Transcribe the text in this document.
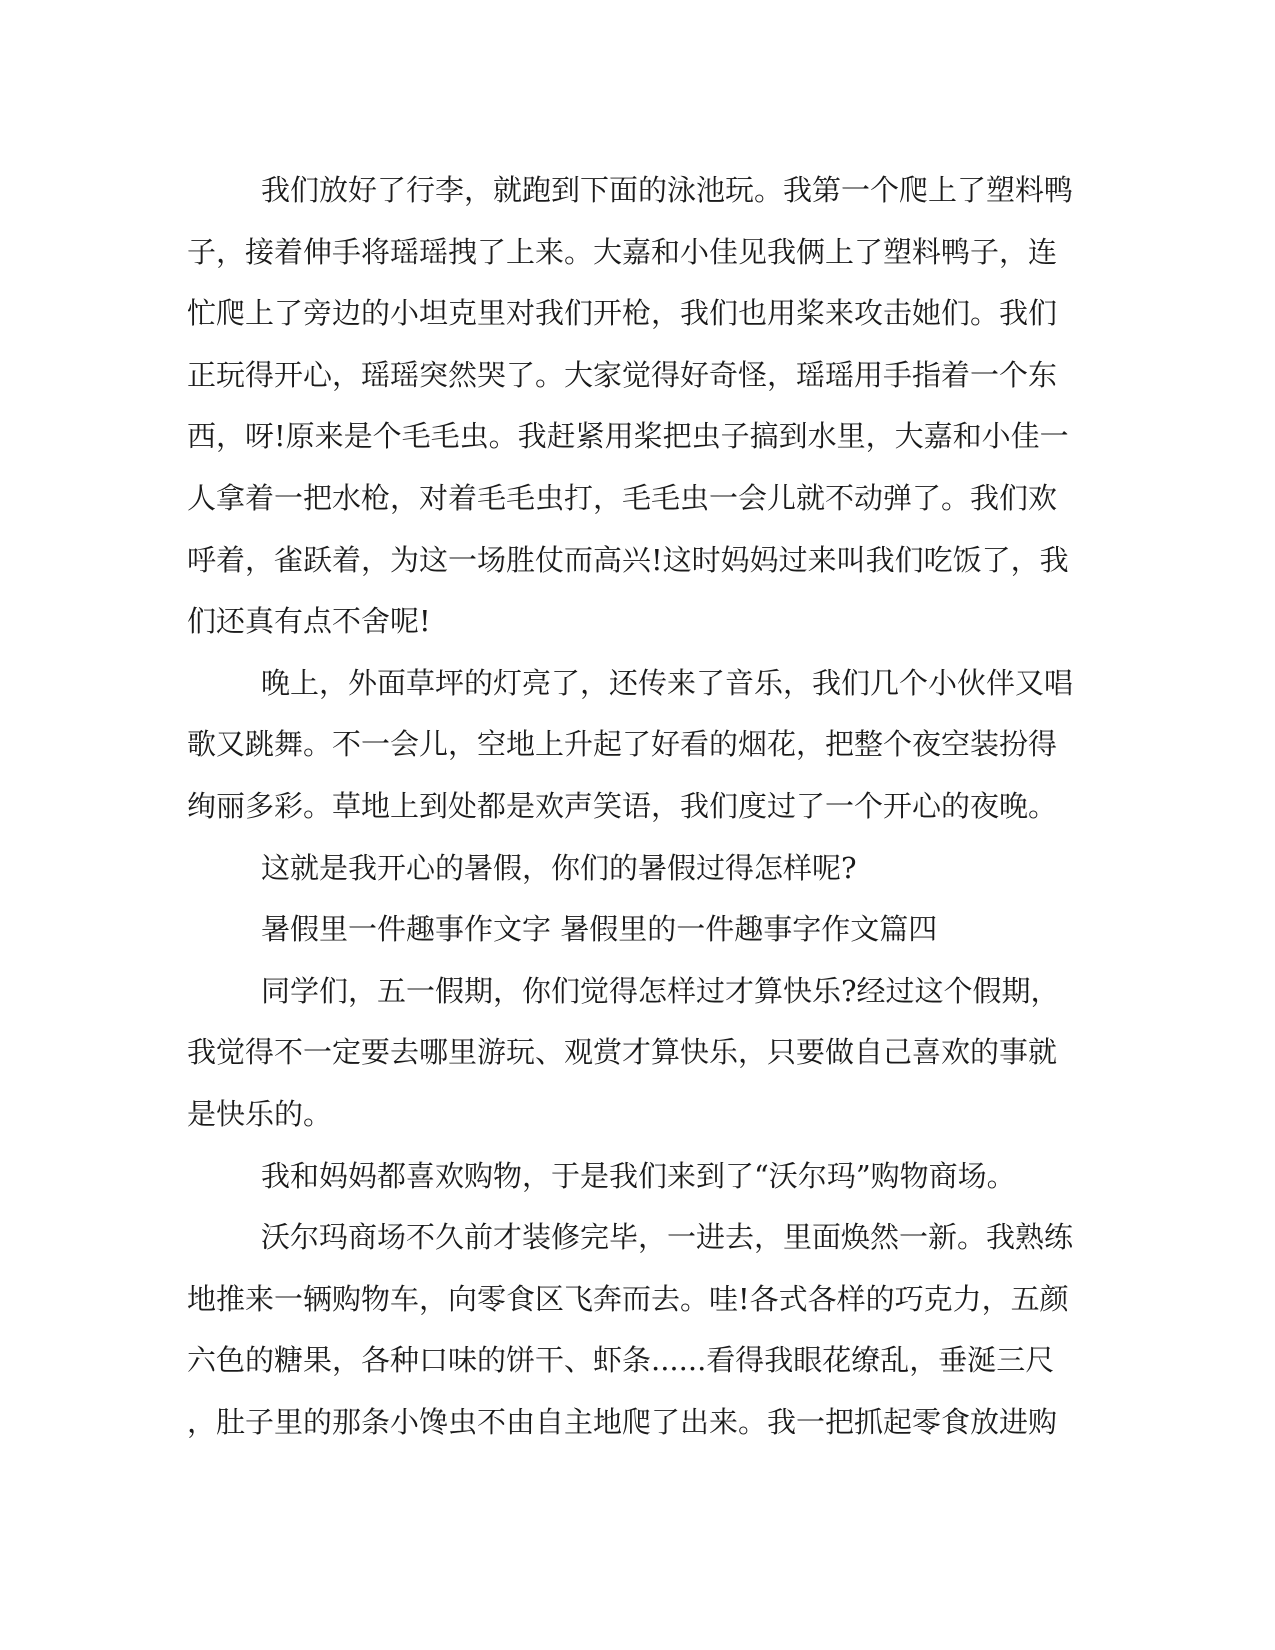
我们放好了行李，就跑到下面的泳池玩。我第一个爬上了塑料鸭
子，接着伸手将瑶瑶拽了上来。大嘉和小佳见我俩上了塑料鸭子，连
忙爬上了旁边的小坦克里对我们开枪，我们也用桨来攻击她们。我们
正玩得开心，瑶瑶突然哭了。大家觉得好奇怪，瑶瑶用手指着一个东
西，呀!原来是个毛毛虫。我赶紧用桨把虫子搞到水里，大嘉和小佳一
人拿着一把水枪，对着毛毛虫打，毛毛虫一会儿就不动弹了。我们欢
呼着，雀跃着，为这一场胜仗而高兴!这时妈妈过来叫我们吃饭了，我
们还真有点不舍呢!
晚上，外面草坪的灯亮了，还传来了音乐，我们几个小伙伴又唱
歌又跳舞。不一会儿，空地上升起了好看的烟花，把整个夜空装扮得
绚丽多彩。草地上到处都是欢声笑语，我们度过了一个开心的夜晚。
这就是我开心的暑假，你们的暑假过得怎样呢?
暑假里一件趣事作文字 暑假里的一件趣事字作文篇四
同学们，五一假期，你们觉得怎样过才算快乐?经过这个假期，
我觉得不一定要去哪里游玩、观赏才算快乐，只要做自己喜欢的事就
是快乐的。
我和妈妈都喜欢购物，于是我们来到了“沃尔玛”购物商场。
沃尔玛商场不久前才装修完毕，一进去，里面焕然一新。我熟练
地推来一辆购物车，向零食区飞奔而去。哇!各式各样的巧克力，五颜
六色的糖果，各种口味的饼干、虾条......看得我眼花缭乱，垂涎三尺
，肚子里的那条小馋虫不由自主地爬了出来。我一把抓起零食放进购
